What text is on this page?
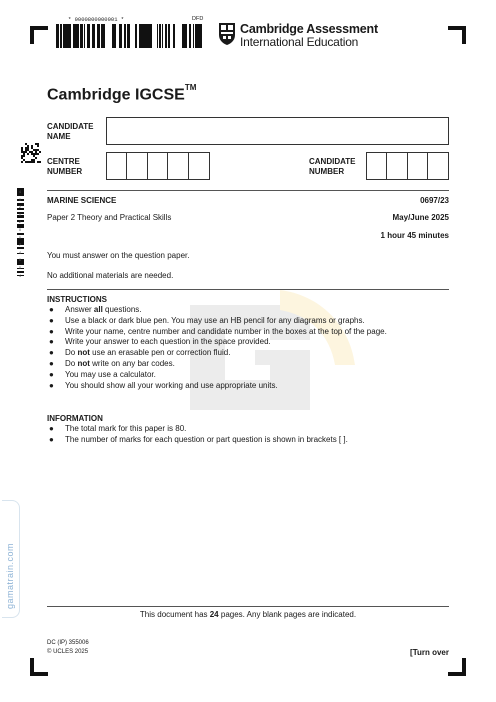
* 0000800000001 *	DFD
Cambridge Assessment
International Education
Cambridge IGCSE™
CANDIDATE
NAME
CENTRE
NUMBER
CANDIDATE
NUMBER
4
0
2
0
2
0
0
7
4
6
0
4
MARINE SCIENCE	0697/23
Paper 2 Theory and Practical Skills	May/June 2025
1 hour 45 minutes
You must answer on the question paper.
No additional materials are needed.
INSTRUCTIONS
●	Answer all questions.
●	Use a black or dark blue pen. You may use an HB pencil for any diagrams or graphs.
●	Write your name, centre number and candidate number in the boxes at the top of the page.
●	Write your answer to each question in the space provided.
●	Do not use an erasable pen or correction fluid.
●	Do not write on any bar codes.
●	You may use a calculator.
●	You should show all your working and use appropriate units.
INFORMATION
●	The total mark for this paper is 80.
●	The number of marks for each question or part question is shown in brackets [ ].
This document has 24 pages. Any blank pages are indicated.
DC (IP) 355006
© UCLES 2025	[Turn over
gamatrain.com
